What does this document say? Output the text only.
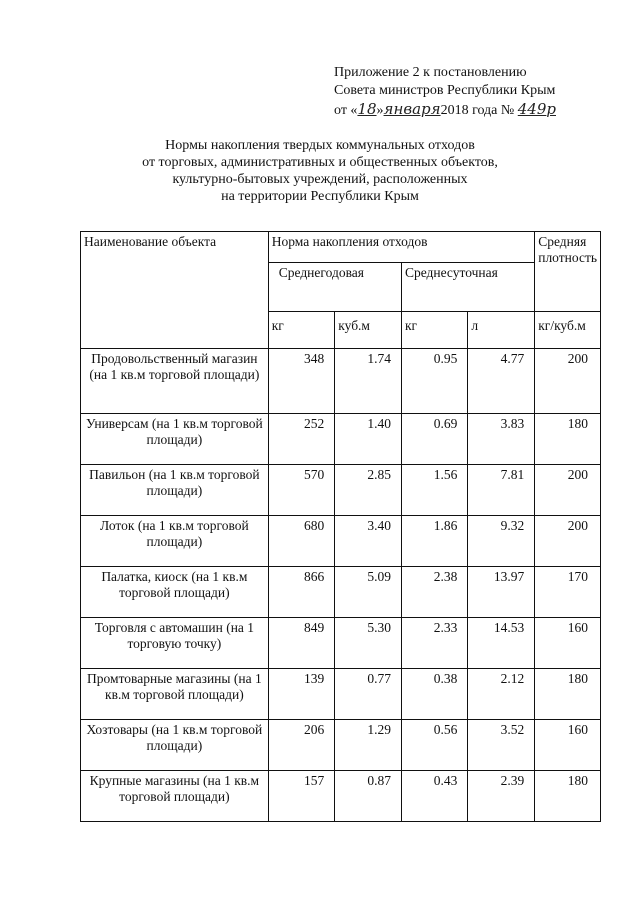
Приложение 2 к постановлению
Совета министров Республики Крым
от «18»января2018 года № 449р
Нормы накопления твердых коммунальных отходов
от торговых, административных и общественных объектов,
культурно-бытовых учреждений, расположенных
на территории Республики Крым
Наименование объекта	Норма накопления отходов				Средняя плотность
	Среднегодовая		Среднесуточная		
	кг	куб.м	кг	л	кг/куб.м
Продовольственный магазин (на 1 кв.м торговой площади)	348	1.74	0.95	4.77	200
Универсам (на 1 кв.м торговой площади)	252	1.40	0.69	3.83	180
Павильон (на 1 кв.м торговой площади)	570	2.85	1.56	7.81	200
Лоток (на 1 кв.м торговой площади)	680	3.40	1.86	9.32	200
Палатка, киоск (на 1 кв.м торговой площади)	866	5.09	2.38	13.97	170
Торговля с автомашин (на 1 торговую точку)	849	5.30	2.33	14.53	160
Промтоварные магазины (на 1 кв.м торговой площади)	139	0.77	0.38	2.12	180
Хозтовары (на 1 кв.м торговой площади)	206	1.29	0.56	3.52	160
Крупные магазины (на 1 кв.м торговой площади)	157	0.87	0.43	2.39	180
